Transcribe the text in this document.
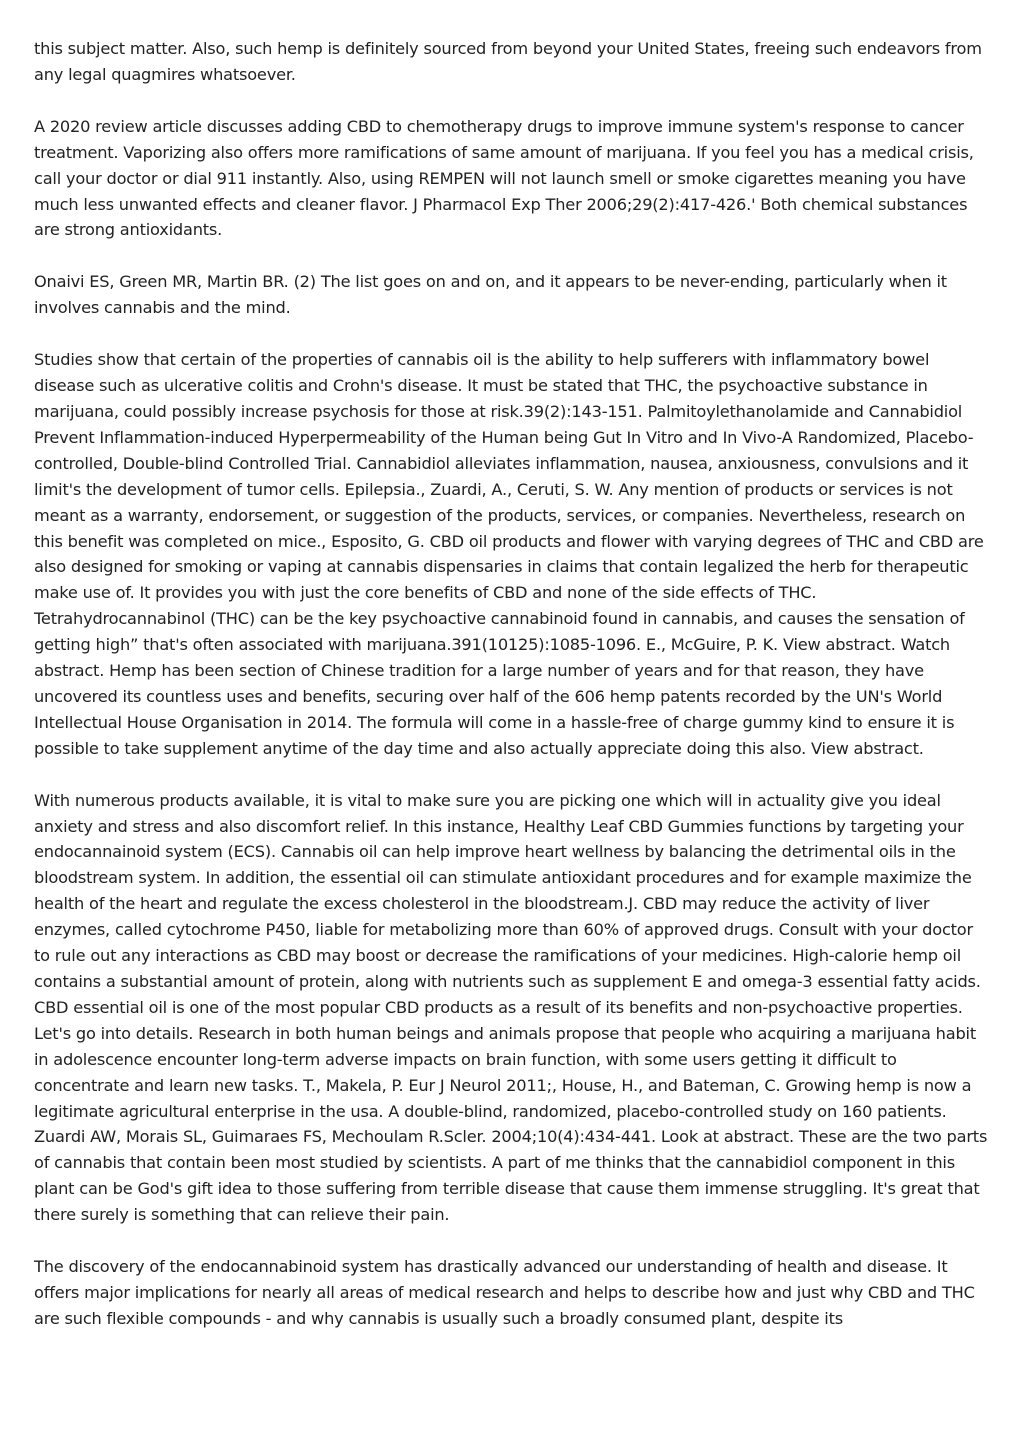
this subject matter. Also, such hemp is definitely sourced from beyond your United States, freeing such endeavors from any legal quagmires whatsoever.

A 2020 review article discusses adding CBD to chemotherapy drugs to improve immune system's response to cancer treatment. Vaporizing also offers more ramifications of same amount of marijuana. If you feel you has a medical crisis, call your doctor or dial 911 instantly. Also, using REMPEN will not launch smell or smoke cigarettes meaning you have much less unwanted effects and cleaner flavor. J Pharmacol Exp Ther 2006;29(2):417-426.' Both chemical substances are strong antioxidants.

Onaivi ES, Green MR, Martin BR. (2) The list goes on and on, and it appears to be never-ending, particularly when it involves cannabis and the mind.

Studies show that certain of the properties of cannabis oil is the ability to help sufferers with inflammatory bowel disease such as ulcerative colitis and Crohn's disease. It must be stated that THC, the psychoactive substance in marijuana, could possibly increase psychosis for those at risk.39(2):143-151. Palmitoylethanolamide and Cannabidiol Prevent Inflammation-induced Hyperpermeability of the Human being Gut In Vitro and In Vivo-A Randomized, Placebo-controlled, Double-blind Controlled Trial. Cannabidiol alleviates inflammation, nausea, anxiousness, convulsions and it limit's the development of tumor cells. Epilepsia., Zuardi, A., Ceruti, S. W. Any mention of products or services is not meant as a warranty, endorsement, or suggestion of the products, services, or companies. Nevertheless, research on this benefit was completed on mice., Esposito, G. CBD oil products and flower with varying degrees of THC and CBD are also designed for smoking or vaping at cannabis dispensaries in claims that contain legalized the herb for therapeutic make use of. It provides you with just the core benefits of CBD and none of the side effects of THC. Tetrahydrocannabinol (THC) can be the key psychoactive cannabinoid found in cannabis, and causes the sensation of getting high” that's often associated with marijuana.391(10125):1085-1096. E., McGuire, P. K. View abstract. Watch abstract. Hemp has been section of Chinese tradition for a large number of years and for that reason, they have uncovered its countless uses and benefits, securing over half of the 606 hemp patents recorded by the UN's World Intellectual House Organisation in 2014. The formula will come in a hassle-free of charge gummy kind to ensure it is possible to take supplement anytime of the day time and also actually appreciate doing this also. View abstract.

With numerous products available, it is vital to make sure you are picking one which will in actuality give you ideal anxiety and stress and also discomfort relief. In this instance, Healthy Leaf CBD Gummies functions by targeting your endocannainoid system (ECS). Cannabis oil can help improve heart wellness by balancing the detrimental oils in the bloodstream system. In addition, the essential oil can stimulate antioxidant procedures and for example maximize the health of the heart and regulate the excess cholesterol in the bloodstream.J. CBD may reduce the activity of liver enzymes, called cytochrome P450, liable for metabolizing more than 60% of approved drugs. Consult with your doctor to rule out any interactions as CBD may boost or decrease the ramifications of your medicines. High-calorie hemp oil contains a substantial amount of protein, along with nutrients such as supplement E and omega-3 essential fatty acids. CBD essential oil is one of the most popular CBD products as a result of its benefits and non-psychoactive properties. Let's go into details. Research in both human beings and animals propose that people who acquiring a marijuana habit in adolescence encounter long-term adverse impacts on brain function, with some users getting it difficult to concentrate and learn new tasks. T., Makela, P. Eur J Neurol 2011;, House, H., and Bateman, C. Growing hemp is now a legitimate agricultural enterprise in the usa. A double-blind, randomized, placebo-controlled study on 160 patients. Zuardi AW, Morais SL, Guimaraes FS, Mechoulam R.Scler. 2004;10(4):434-441. Look at abstract. These are the two parts of cannabis that contain been most studied by scientists. A part of me thinks that the cannabidiol component in this plant can be God's gift idea to those suffering from terrible disease that cause them immense struggling. It's great that there surely is something that can relieve their pain.

The discovery of the endocannabinoid system has drastically advanced our understanding of health and disease. It offers major implications for nearly all areas of medical research and helps to describe how and just why CBD and THC are such flexible compounds - and why cannabis is usually such a broadly consumed plant, despite its
